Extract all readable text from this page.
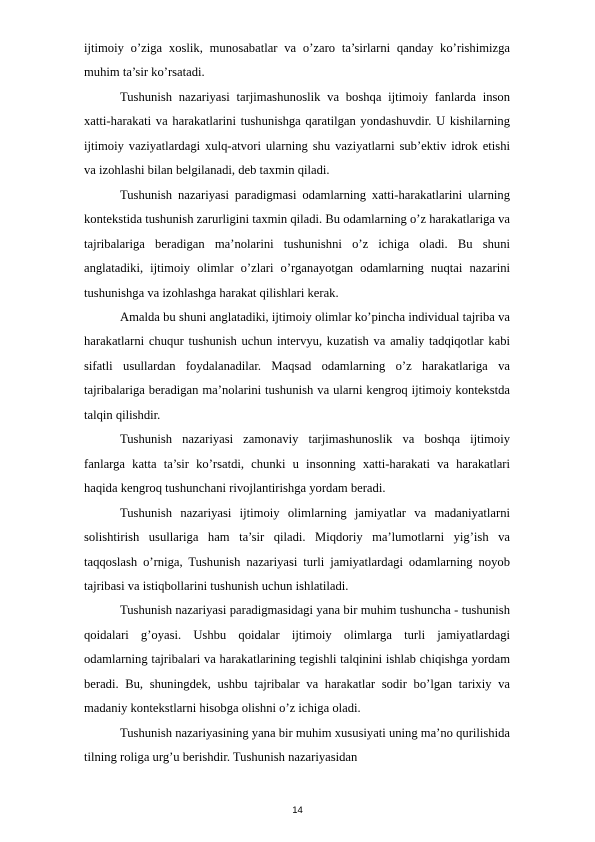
ijtimoiy o’ziga xoslik, munosabatlar va o’zaro ta’sirlarni qanday ko’rishimizga muhim ta’sir ko’rsatadi.

Tushunish nazariyasi tarjimashunoslik va boshqa ijtimoiy fanlarda inson xatti-harakati va harakatlarini tushunishga qaratilgan yondashuvdir. U kishilarning ijtimoiy vaziyatlardagi xulq-atvori ularning shu vaziyatlarni sub’ektiv idrok etishi va izohlashi bilan belgilanadi, deb taxmin qiladi.

Tushunish nazariyasi paradigmasi odamlarning xatti-harakatlarini ularning kontekstida tushunish zarurligini taxmin qiladi. Bu odamlarning o’z harakatlariga va tajribalariga beradigan ma’nolarini tushunishni o’z ichiga oladi. Bu shuni anglatadiki, ijtimoiy olimlar o’zlari o’rganayotgan odamlarning nuqtai nazarini tushunishga va izohlashga harakat qilishlari kerak.

Amalda bu shuni anglatadiki, ijtimoiy olimlar ko’pincha individual tajriba va harakatlarni chuqur tushunish uchun intervyu, kuzatish va amaliy tadqiqotlar kabi sifatli usullardan foydalanadilar. Maqsad odamlarning o’z harakatlariga va tajribalariga beradigan ma’nolarini tushunish va ularni kengroq ijtimoiy kontekstda talqin qilishdir.

Tushunish nazariyasi zamonaviy tarjimashunoslik va boshqa ijtimoiy fanlarga katta ta’sir ko’rsatdi, chunki u insonning xatti-harakati va harakatlari haqida kengroq tushunchani rivojlantirishga yordam beradi.

Tushunish nazariyasi ijtimoiy olimlarning jamiyatlar va madaniyatlarni solishtirish usullariga ham ta’sir qiladi. Miqdoriy ma’lumotlarni yig’ish va taqqoslash o’rniga, Tushunish nazariyasi turli jamiyatlardagi odamlarning noyob tajribasi va istiqbollarini tushunish uchun ishlatiladi.

Tushunish nazariyasi paradigmasidagi yana bir muhim tushuncha - tushunish qoidalari g’oyasi. Ushbu qoidalar ijtimoiy olimlarga turli jamiyatlardagi odamlarning tajribalari va harakatlarining tegishli talqinini ishlab chiqishga yordam beradi. Bu, shuningdek, ushbu tajribalar va harakatlar sodir bo’lgan tarixiy va madaniy kontekstlarni hisobga olishni o’z ichiga oladi.

Tushunish nazariyasining yana bir muhim xususiyati uning ma’no qurilishida tilning roliga urg’u berishdir. Tushunish nazariyasidan

14
